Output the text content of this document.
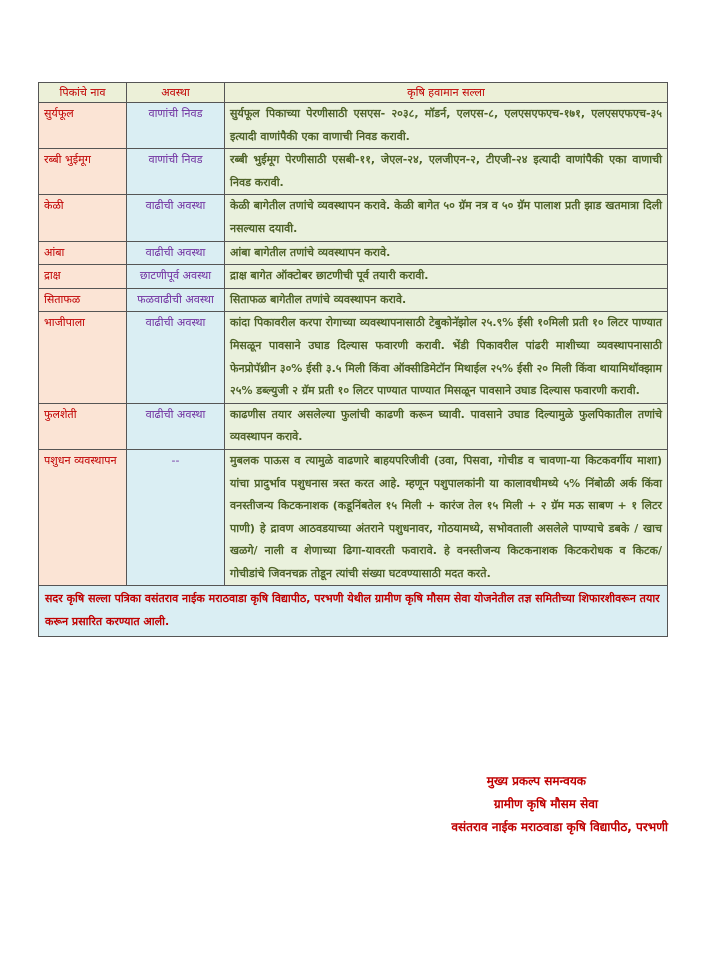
पिकांचे नाव	अवस्था	कृषि हवामान सल्ला
सुर्यफूल	वाणांची निवड	सुर्यफूल पिकाच्या पेरणीसाठी एसएस- २०३८, मॉडर्न, एलएस-८, एलएसएफएच-१७१, एलएसएफएच-३५ इत्यादी वाणांपैकी एका वाणाची निवड करावी.
रब्बी भुईमूग	वाणांची निवड	रब्बी भुईमूग पेरणीसाठी एसबी-११, जेएल-२४, एलजीएन-२, टीएजी-२४ इत्यादी वाणांपैकी एका वाणाची निवड करावी.
केळी	वाढीची अवस्था	केळी बागेतील तणांचे व्यवस्थापन करावे. केळी बागेत ५० ग्रॅम नत्र व ५० ग्रॅम पालाश प्रती झाड खतमात्रा दिली नसल्यास दयावी.
आंबा	वाढीची अवस्था	आंबा बागेतील तणांचे व्यवस्थापन करावे.
द्राक्ष	छाटणीपूर्व अवस्था	द्राक्ष बागेत ऑक्टोबर छाटणीची पूर्व तयारी करावी.
सिताफळ	फळवाढीची अवस्था	सिताफळ बागेतील तणांचे व्यवस्थापन करावे.
भाजीपाला	वाढीची अवस्था	कांदा पिकावरील करपा रोगाच्या व्यवस्थापनासाठी टेबुकोनॅझोल २५.९% ईसी १०मिली प्रती १० लिटर पाण्यात मिसळून पावसाने उघाड दिल्यास फवारणी करावी. भेंडी पिकावरील पांढरी माशीच्या व्यवस्थापनासाठी फेनप्रोपॅथ्रीन ३०% ईसी ३.५ मिली किंवा ऑक्सीडिमेटॉन मिथाईल २५% ईसी २० मिली किंवा थायामिथॉक्झाम २५% डब्ल्युजी २ ग्रॅम प्रती १० लिटर पाण्यात पाण्यात मिसळून पावसाने उघाड दिल्यास फवारणी करावी.
फुलशेती	वाढीची अवस्था	काढणीस तयार असलेल्या फुलांची काढणी करून घ्यावी. पावसाने उघाड दिल्यामुळे फुलपिकातील तणांचे व्यवस्थापन करावे.
पशुधन व्यवस्थापन	--	मुबलक पाऊस व त्यामुळे वाढणारे बाहयपरिजीवी (उवा, पिसवा, गोचीड व चावणा-या किटकवर्गीय माशा) यांचा प्रादुर्भाव पशुधनास त्रस्त करत आहे. म्हणून पशुपालकांनी या कालावधीमध्ये ५% निंबोळी अर्क किंवा वनस्तीजन्य किटकनाशक (कडूनिंबतेल १५ मिली + कारंज तेल १५ मिली + २ ग्रॅम मऊ साबण + १ लिटर पाणी) हे द्रावण आठवडयाच्या अंतराने पशुधनावर, गोठयामध्ये, सभोवताली असलेले पाण्याचे डबके / खाच खळगे/ नाली व शेणाच्या ढिगा-यावरती फवारावे. हे वनस्तीजन्य किटकनाशक किटकरोधक व किटक/ गोचीडांचे जिवनचक्र तोडून त्यांची संख्या घटवण्यासाठी मदत करते.
सदर कृषि सल्ला पत्रिका वसंतराव नाईक मराठवाडा कृषि विद्यापीठ, परभणी येथील ग्रामीण कृषि मौसम सेवा योजनेतील तज्ञ समितीच्या शिफारशीवरून तयार करून प्रसारित करण्यात आली.		
मुख्य प्रकल्प समन्वयक
ग्रामीण कृषि मौसम सेवा
वसंतराव नाईक मराठवाडा कृषि विद्यापीठ, परभणी
